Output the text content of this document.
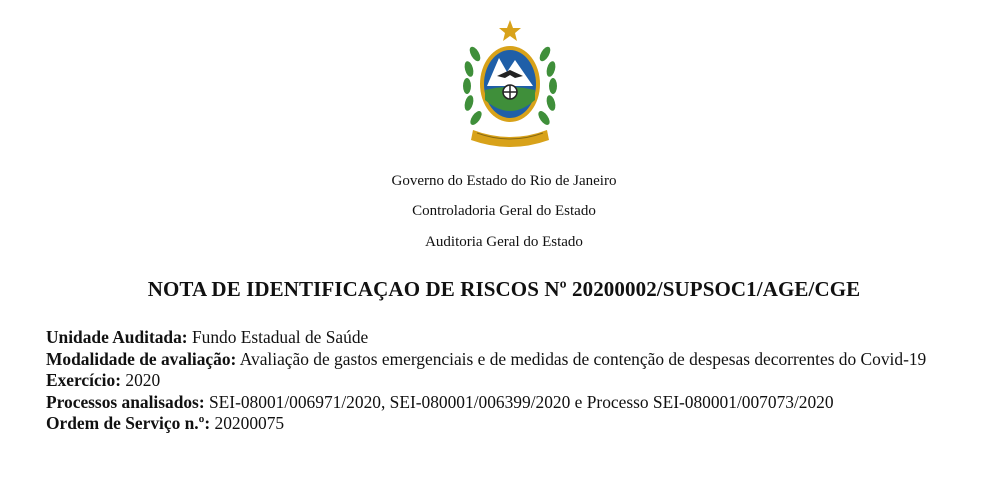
Governo do Estado do Rio de Janeiro
Controladoria Geral do Estado
Auditoria Geral do Estado
NOTA DE IDENTIFICAÇAO DE RISCOS Nº 20200002/SUPSOC1/AGE/CGE

Unidade Auditada: Fundo Estadual de Saúde

Modalidade de avaliação: Avaliação de gastos emergenciais e de medidas de contenção de despesas decorrentes do Covid-19

Exercício: 2020

Processos analisados: SEI-08001/006971/2020, SEI-080001/006399/2020 e Processo SEI-080001/007073/2020

Ordem de Serviço n.º: 20200075
